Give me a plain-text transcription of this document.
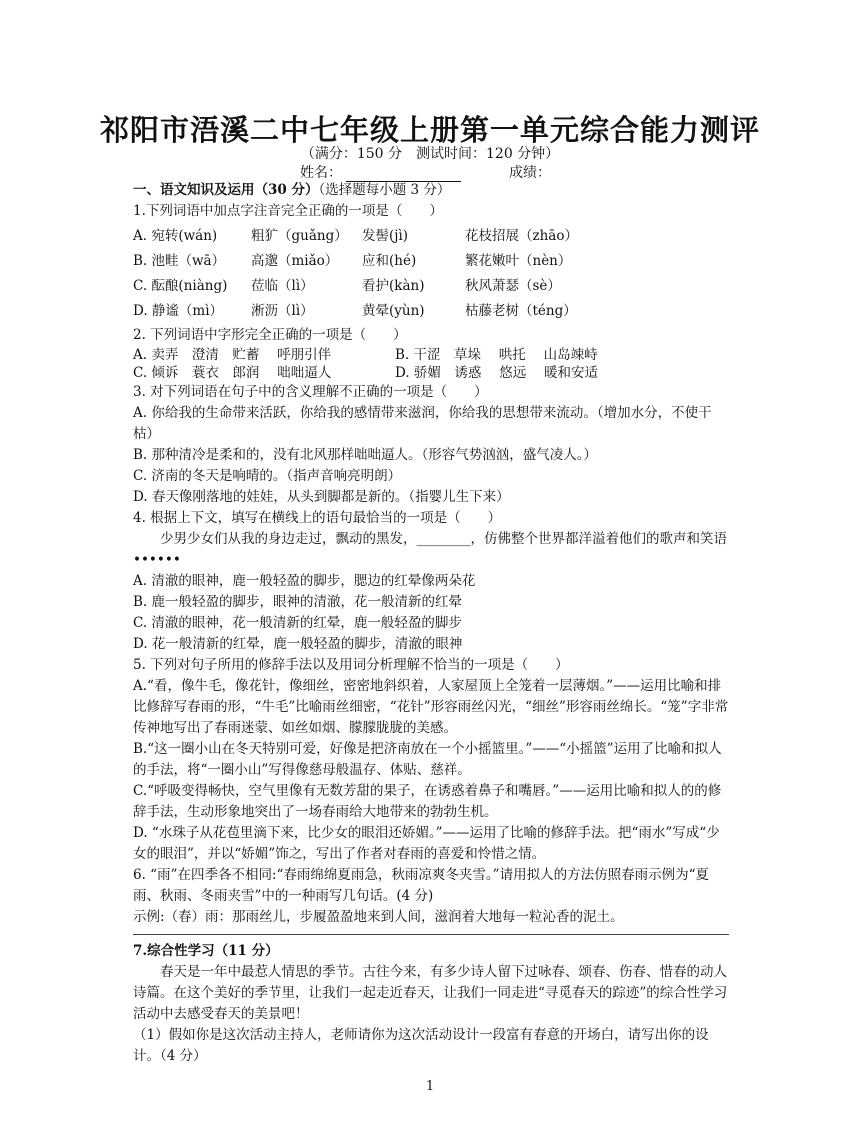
祁阳市浯溪二中七年级上册第一单元综合能力测评
（满分：150 分　测试时间：120 分钟）
姓名：	成绩：

一、语文知识及运用（30 分）（选择题每小题 3 分）

1.下列词语中加点字注音完全正确的一项是（　　）

A. 宛转(wán)	粗犷（guǎng）	发髻(jì)	花枝招展（zhāo）
B. 池畦（wā）	高邈（miǎo）	应和(hé)	繁花嫩叶（nèn）
C. 酝酿(niàng)	莅临（lì）	看护(kàn)	秋风萧瑟（sè）
D. 静谧（mì）	淅沥（lì）	黄晕(yùn)	枯藤老树（téng）

2. 下列词语中字形完全正确的一项是（　　）

A. 卖弄　澄清　贮蓄　 呼朋引伴	B. 干涩　草垛　 哄托　 山岛竦峙
C. 倾诉　蓑衣　郎润　 咄咄逼人	D. 骄媚　诱惑　 悠远　 暖和安适

3. 对下列词语在句子中的含义理解不正确的一项是（　　）

A. 你给我的生命带来活跃，你给我的感情带来滋润，你给我的思想带来流动。（增加水分，不使干枯）

B. 那种清冷是柔和的，没有北风那样咄咄逼人。（形容气势汹汹，盛气凌人。）

C. 济南的冬天是响晴的。（指声音响亮明朗）

D. 春天像刚落地的娃娃，从头到脚都是新的。（指婴儿生下来）

4. 根据上下文，填写在横线上的语句最恰当的一项是（　　）

少男少女们从我的身边走过，飘动的黑发，________，仿佛整个世界都洋溢着他们的歌声和笑语 ••••••

A. 清澈的眼神，鹿一般轻盈的脚步，腮边的红晕像两朵花

B. 鹿一般轻盈的脚步，眼神的清澈，花一般清新的红晕

C. 清澈的眼神，花一般清新的红晕，鹿一般轻盈的脚步

D. 花一般清新的红晕，鹿一般轻盈的脚步，清澈的眼神

5. 下列对句子所用的修辞手法以及用词分析理解不恰当的一项是（　　）

A.“看，像牛毛，像花针，像细丝，密密地斜织着，人家屋顶上全笼着一层薄烟。”——运用比喻和排比修辞写春雨的形，“牛毛”比喻雨丝细密，“花针”形容雨丝闪光，“细丝”形容雨丝绵长。“笼”字非常传神地写出了春雨迷蒙、如丝如烟、朦朦胧胧的美感。

B.“这一圈小山在冬天特别可爱，好像是把济南放在一个小摇篮里。”——“小摇篮”运用了比喻和拟人的手法，将“一圈小山”写得像慈母般温存、体贴、慈祥。

C.“呼吸变得畅快，空气里像有无数芳甜的果子，在诱惑着鼻子和嘴唇。”——运用比喻和拟人的的修辞手法，生动形象地突出了一场春雨给大地带来的勃勃生机。

D. “水珠子从花苞里滴下来，比少女的眼泪还娇媚。”——运用了比喻的修辞手法。把“雨水”写成“少女的眼泪”，并以“娇媚”饰之，写出了作者对春雨的喜爱和怜惜之情。

6. “雨”在四季各不相同:“春雨绵绵夏雨急，秋雨凉爽冬夹雪。”请用拟人的方法仿照春雨示例为“夏雨、秋雨、冬雨夹雪”中的一种雨写几句话。(4 分)

示例:（春）雨：那雨丝儿，步履盈盈地来到人间，滋润着大地每一粒沁香的泥土。

7.综合性学习（11 分）

春天是一年中最惹人情思的季节。古往今来，有多少诗人留下过咏春、颂春、伤春、惜春的动人诗篇。在这个美好的季节里，让我们一起走近春天，让我们一同走进“寻觅春天的踪迹”的综合性学习活动中去感受春天的美景吧！

（1）假如你是这次活动主持人，老师请你为这次活动设计一段富有春意的开场白，请写出你的设计。（4 分）

1
